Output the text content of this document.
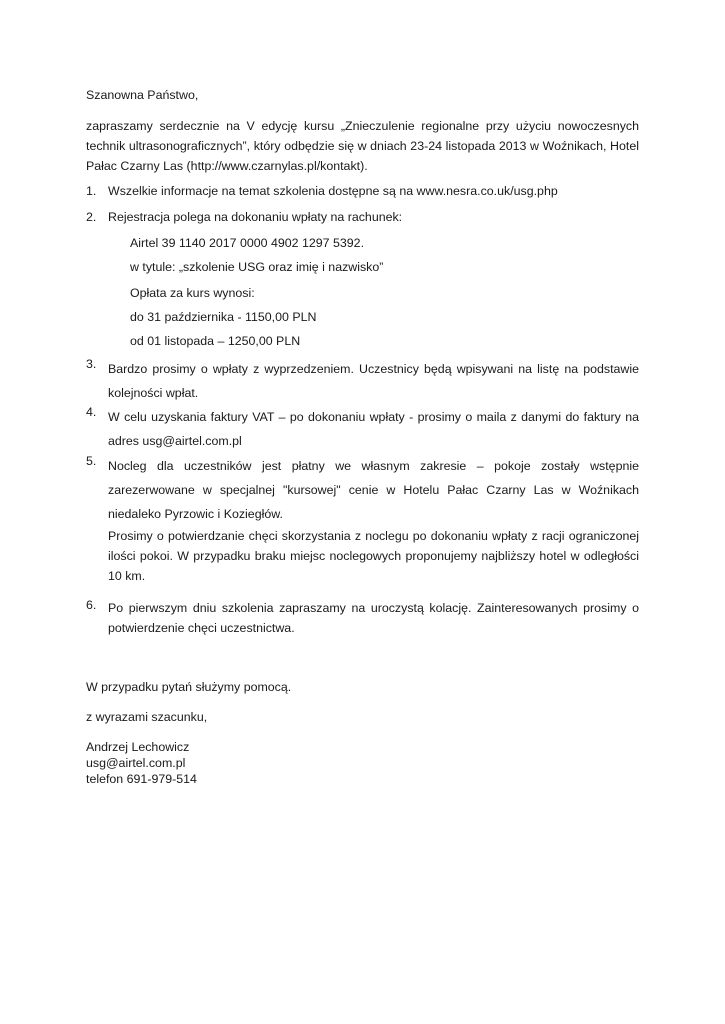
Szanowna Państwo,
zapraszamy serdecznie na V edycję kursu „Znieczulenie regionalne przy użyciu nowoczesnych technik ultrasonograficznych”, który odbędzie się w dniach 23-24 listopada 2013 w Woźnikach, Hotel Pałac Czarny Las (http://www.czarnylas.pl/kontakt).
1. Wszelkie informacje na temat szkolenia dostępne są na www.nesra.co.uk/usg.php
2. Rejestracja polega na dokonaniu wpłaty na rachunek:
Airtel 39 1140 2017 0000 4902 1297 5392.
w tytule: „szkolenie USG oraz imię i nazwisko”
Opłata za kurs wynosi:
do 31 października - 1150,00 PLN
od 01 listopada – 1250,00 PLN
3. Bardzo prosimy o wpłaty z wyprzedzeniem. Uczestnicy będą wpisywani na listę na podstawie kolejności wpłat.
4. W celu uzyskania faktury VAT – po dokonaniu wpłaty - prosimy o maila z danymi do faktury na adres usg@airtel.com.pl
5. Nocleg dla uczestników jest płatny we własnym zakresie – pokoje zostały wstępnie zarezerwowane w specjalnej "kursowej" cenie w Hotelu Pałac Czarny Las w Woźnikach niedaleko Pyrzowic i Koziegłów.
Prosimy o potwierdzanie chęci skorzystania z noclegu po dokonaniu wpłaty z racji ograniczonej ilości pokoi. W przypadku braku miejsc noclegowych proponujemy najbliższy hotel w odległości 10 km.
6. Po pierwszym dniu szkolenia zapraszamy na uroczystą kolację. Zainteresowanych prosimy o potwierdzenie chęci uczestnictwa.
W przypadku pytań służymy pomocą.
z wyrazami szacunku,
Andrzej Lechowicz
usg@airtel.com.pl
telefon 691-979-514
